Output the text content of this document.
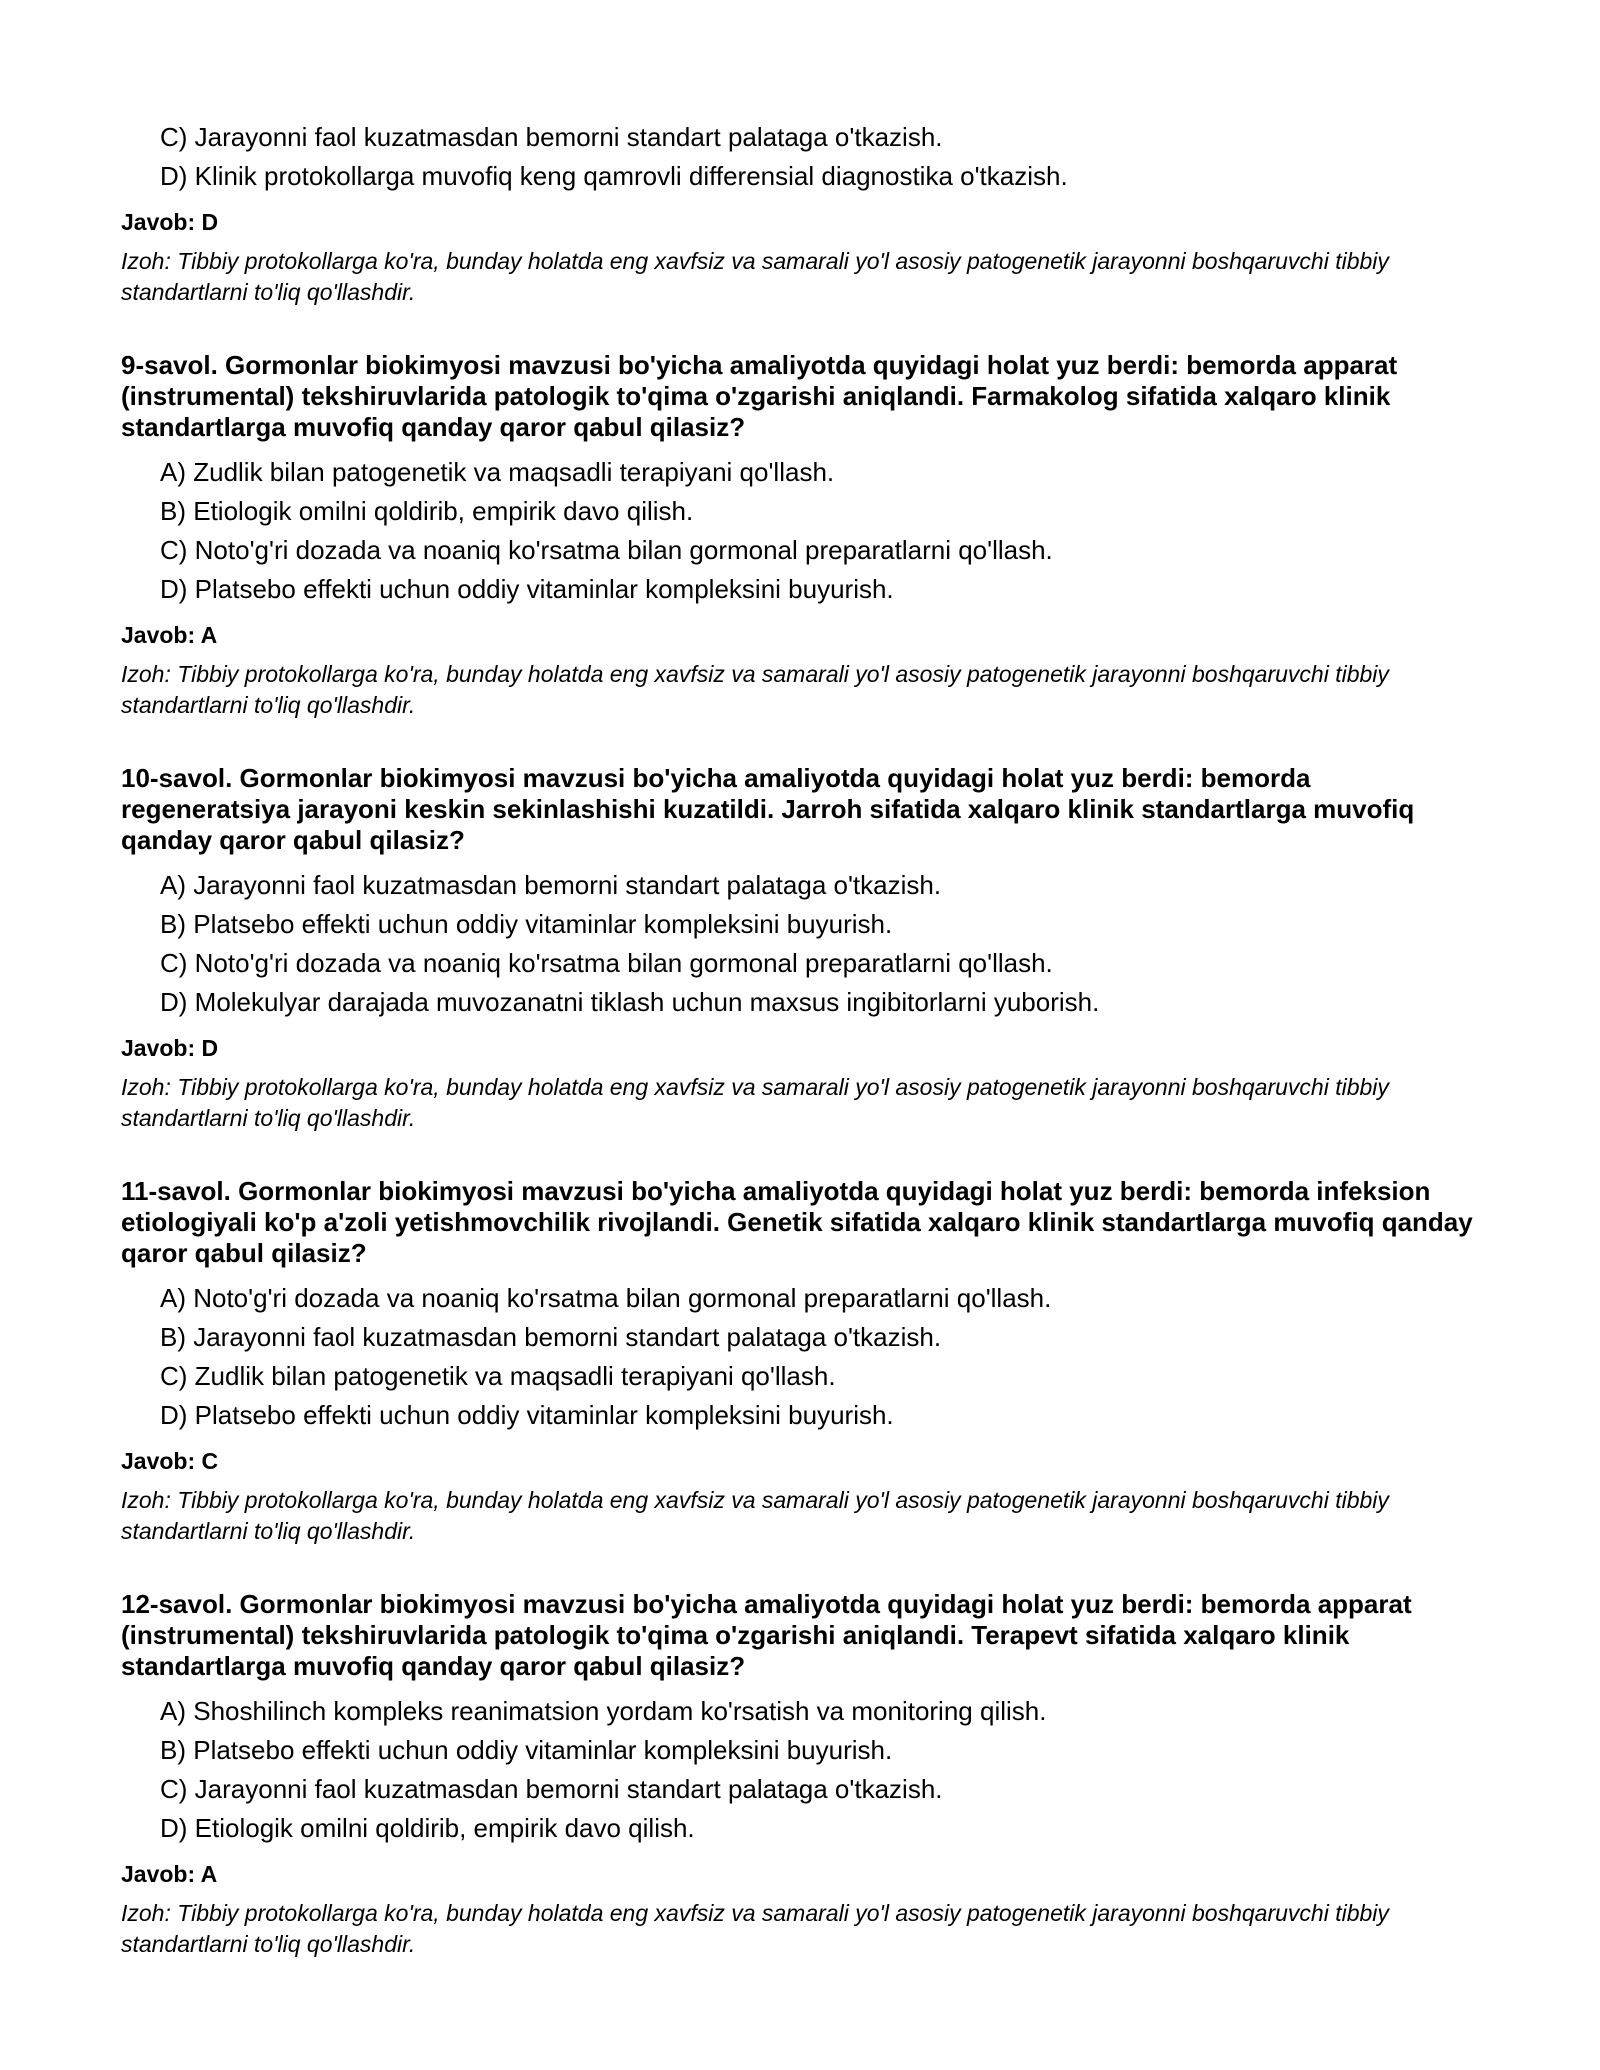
C) Jarayonni faol kuzatmasdan bemorni standart palataga o'tkazish.
D) Klinik protokollarga muvofiq keng qamrovli differensial diagnostika o'tkazish.
Javob: D
Izoh: Tibbiy protokollarga ko'ra, bunday holatda eng xavfsiz va samarali yo'l asosiy patogenetik jarayonni boshqaruvchi tibbiy standartlarni to'liq qo'llashdir.
9-savol. Gormonlar biokimyosi mavzusi bo'yicha amaliyotda quyidagi holat yuz berdi: bemorda apparat (instrumental) tekshiruvlarida patologik to'qima o'zgarishi aniqlandi. Farmakolog sifatida xalqaro klinik standartlarga muvofiq qanday qaror qabul qilasiz?
A) Zudlik bilan patogenetik va maqsadli terapiyani qo'llash.
B) Etiologik omilni qoldirib, empirik davo qilish.
C) Noto'g'ri dozada va noaniq ko'rsatma bilan gormonal preparatlarni qo'llash.
D) Platsebo effekti uchun oddiy vitaminlar kompleksini buyurish.
Javob: A
Izoh: Tibbiy protokollarga ko'ra, bunday holatda eng xavfsiz va samarali yo'l asosiy patogenetik jarayonni boshqaruvchi tibbiy standartlarni to'liq qo'llashdir.
10-savol. Gormonlar biokimyosi mavzusi bo'yicha amaliyotda quyidagi holat yuz berdi: bemorda regeneratsiya jarayoni keskin sekinlashishi kuzatildi. Jarroh sifatida xalqaro klinik standartlarga muvofiq qanday qaror qabul qilasiz?
A) Jarayonni faol kuzatmasdan bemorni standart palataga o'tkazish.
B) Platsebo effekti uchun oddiy vitaminlar kompleksini buyurish.
C) Noto'g'ri dozada va noaniq ko'rsatma bilan gormonal preparatlarni qo'llash.
D) Molekulyar darajada muvozanatni tiklash uchun maxsus ingibitorlarni yuborish.
Javob: D
Izoh: Tibbiy protokollarga ko'ra, bunday holatda eng xavfsiz va samarali yo'l asosiy patogenetik jarayonni boshqaruvchi tibbiy standartlarni to'liq qo'llashdir.
11-savol. Gormonlar biokimyosi mavzusi bo'yicha amaliyotda quyidagi holat yuz berdi: bemorda infeksion etiologiyali ko'p a'zoli yetishmovchilik rivojlandi. Genetik sifatida xalqaro klinik standartlarga muvofiq qanday qaror qabul qilasiz?
A) Noto'g'ri dozada va noaniq ko'rsatma bilan gormonal preparatlarni qo'llash.
B) Jarayonni faol kuzatmasdan bemorni standart palataga o'tkazish.
C) Zudlik bilan patogenetik va maqsadli terapiyani qo'llash.
D) Platsebo effekti uchun oddiy vitaminlar kompleksini buyurish.
Javob: C
Izoh: Tibbiy protokollarga ko'ra, bunday holatda eng xavfsiz va samarali yo'l asosiy patogenetik jarayonni boshqaruvchi tibbiy standartlarni to'liq qo'llashdir.
12-savol. Gormonlar biokimyosi mavzusi bo'yicha amaliyotda quyidagi holat yuz berdi: bemorda apparat (instrumental) tekshiruvlarida patologik to'qima o'zgarishi aniqlandi. Terapevt sifatida xalqaro klinik standartlarga muvofiq qanday qaror qabul qilasiz?
A) Shoshilinch kompleks reanimatsion yordam ko'rsatish va monitoring qilish.
B) Platsebo effekti uchun oddiy vitaminlar kompleksini buyurish.
C) Jarayonni faol kuzatmasdan bemorni standart palataga o'tkazish.
D) Etiologik omilni qoldirib, empirik davo qilish.
Javob: A
Izoh: Tibbiy protokollarga ko'ra, bunday holatda eng xavfsiz va samarali yo'l asosiy patogenetik jarayonni boshqaruvchi tibbiy standartlarni to'liq qo'llashdir.
